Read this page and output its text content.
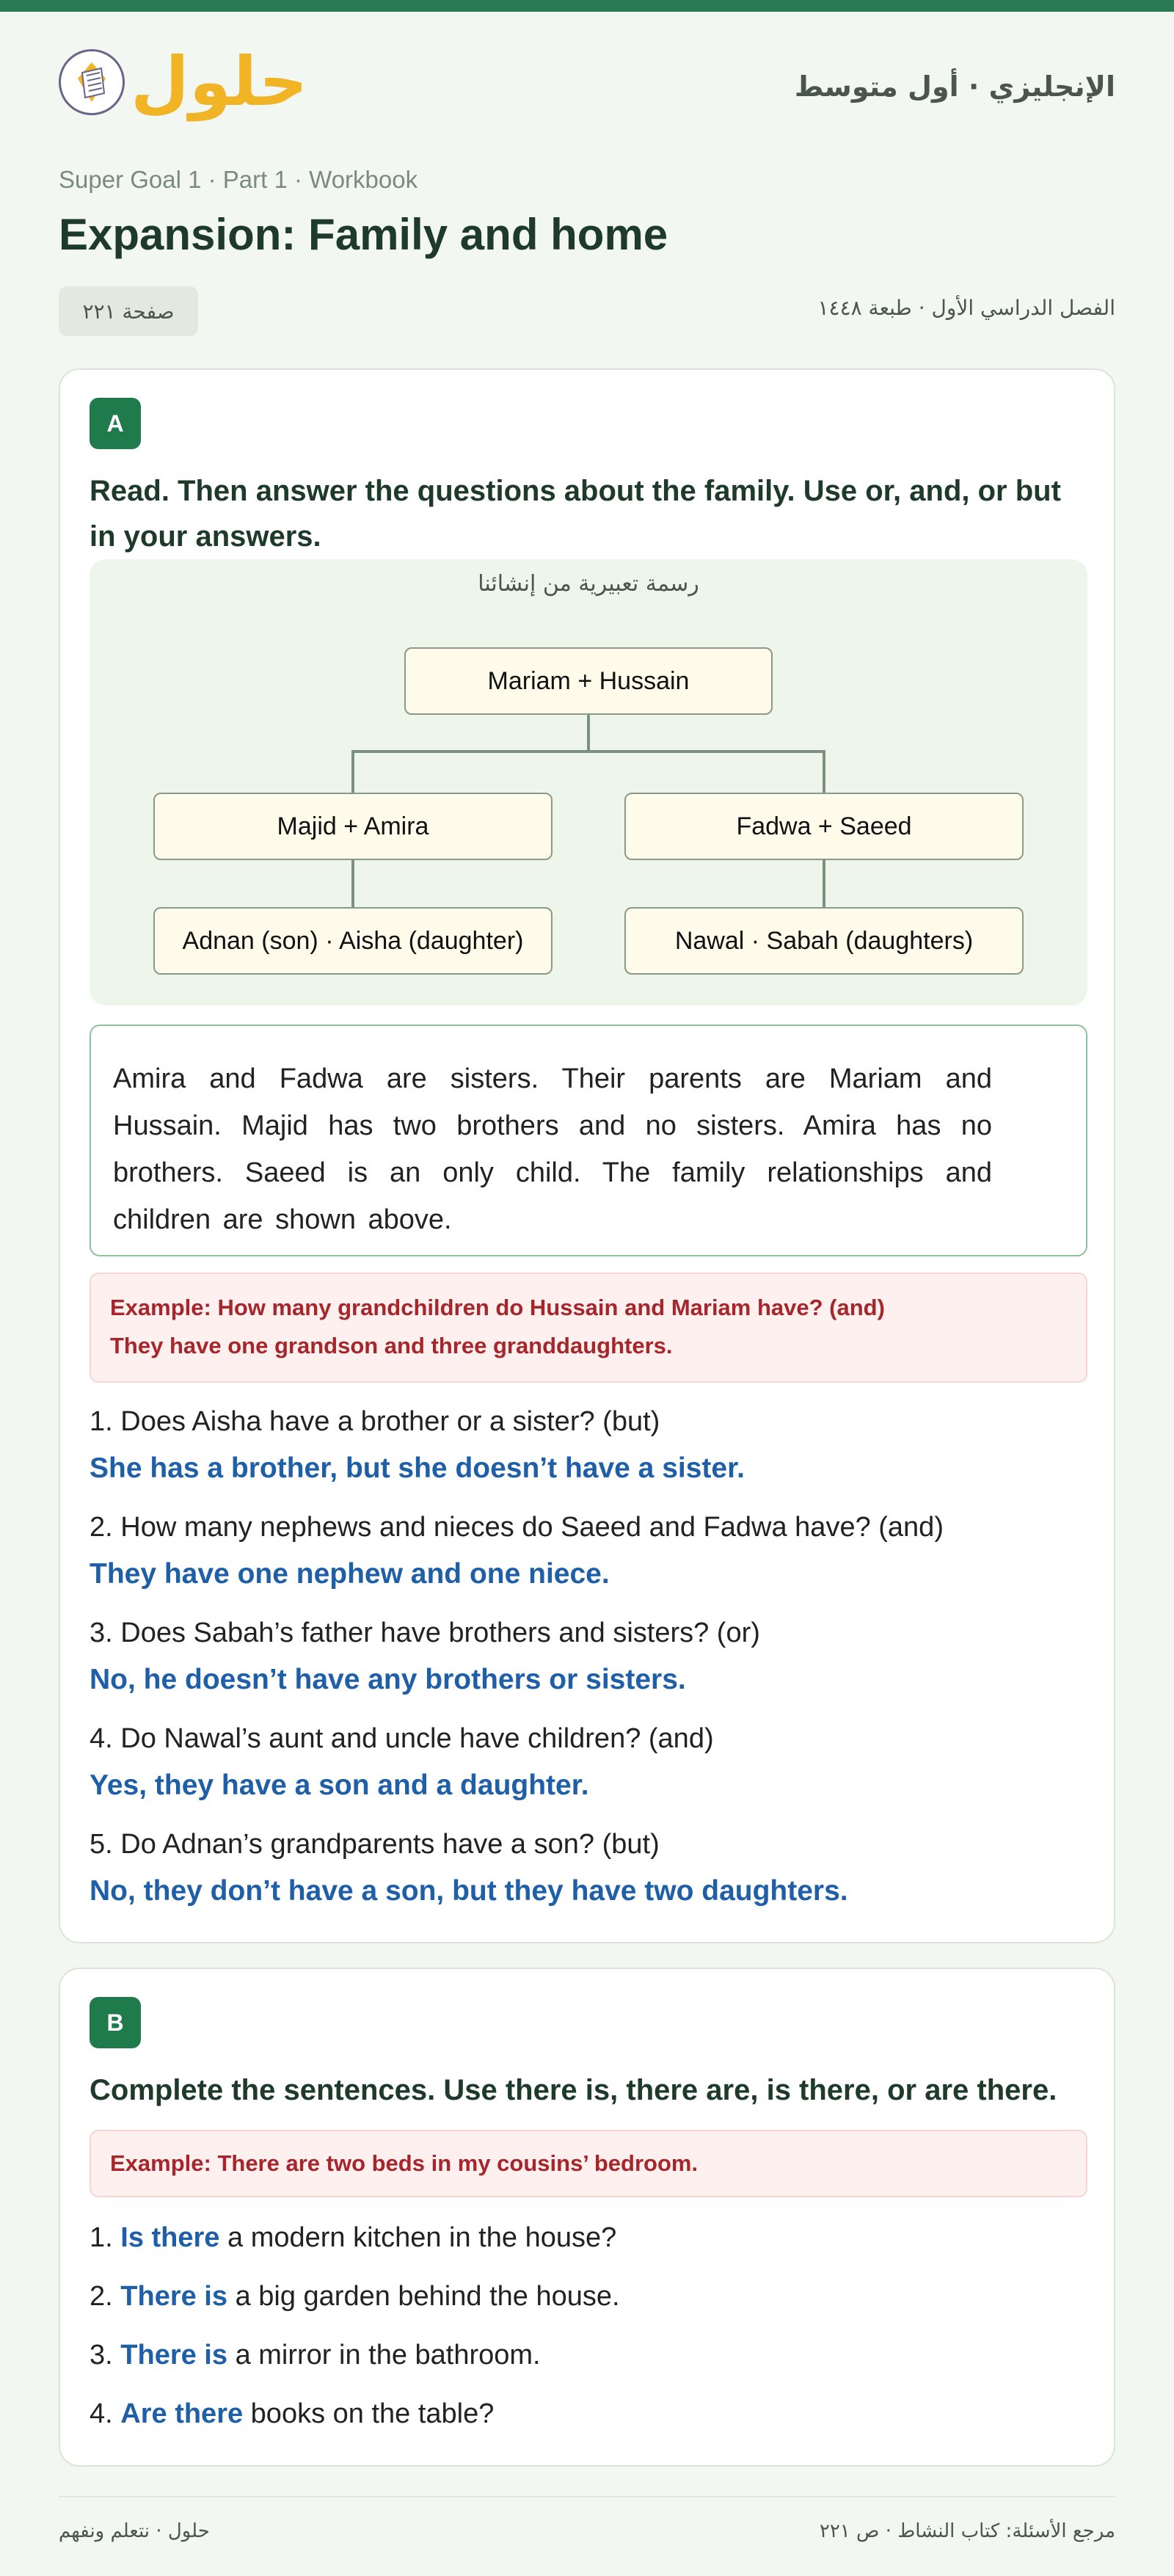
حلول	الإنجليزي · أول متوسط
Super Goal 1 · Part 1 · Workbook
Expansion: Family and home
صفحة ٢٢١	الفصل الدراسي الأول · طبعة ١٤٤٨
A
Read. Then answer the questions about the family. Use or, and, or but in your answers.
رسمة تعبيرية من إنشائنا
Mariam + Hussain
Majid + Amira	Fadwa + Saeed
Adnan (son) · Aisha (daughter)	Nawal · Sabah (daughters)
Amira and Fadwa are sisters. Their parents are Mariam and Hussain. Majid has two brothers and no sisters. Amira has no brothers. Saeed is an only child. The family relationships and children are shown above.
Example: How many grandchildren do Hussain and Mariam have? (and)
They have one grandson and three granddaughters.
1. Does Aisha have a brother or a sister? (but)
She has a brother, but she doesn’t have a sister.
2. How many nephews and nieces do Saeed and Fadwa have? (and)
They have one nephew and one niece.
3. Does Sabah’s father have brothers and sisters? (or)
No, he doesn’t have any brothers or sisters.
4. Do Nawal’s aunt and uncle have children? (and)
Yes, they have a son and a daughter.
5. Do Adnan’s grandparents have a son? (but)
No, they don’t have a son, but they have two daughters.
B
Complete the sentences. Use there is, there are, is there, or are there.
Example: There are two beds in my cousins’ bedroom.
1. Is there a modern kitchen in the house?
2. There is a big garden behind the house.
3. There is a mirror in the bathroom.
4. Are there books on the table?
حلول · نتعلم ونفهم	مرجع الأسئلة: كتاب النشاط · ص ٢٢١
